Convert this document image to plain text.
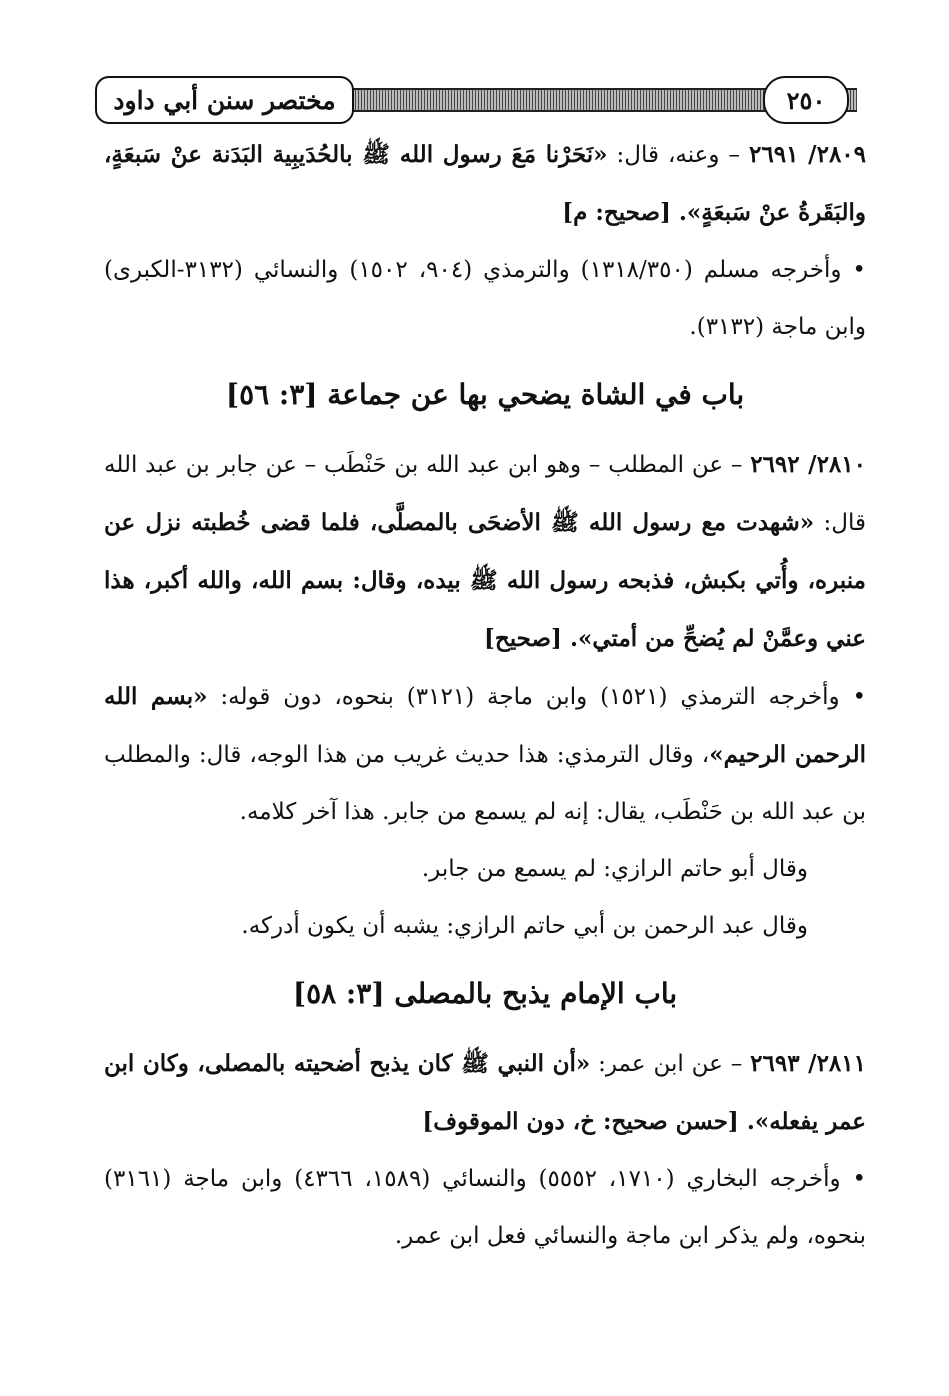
مختصر سنن أبي داود	٢٥٠

٢٨٠٩/ ٢٦٩١ – وعنه، قال: «نَحَرْنا مَعَ رسول الله ﷺ بالحُدَيبِية البَدَنة عنْ سَبعَةٍ، والبَقَرةُ عنْ سَبعَةٍ». [صحيح: م]

• وأخرجه مسلم (١٣١٨/٣٥٠) والترمذي (٩٠٤، ١٥٠٢) والنسائي (٣١٣٢-الكبرى) وابن ماجة (٣١٣٢).

باب في الشاة يضحي بها عن جماعة [٣: ٥٦]

٢٨١٠/ ٢٦٩٢ – عن المطلب – وهو ابن عبد الله بن حَنْطَب – عن جابر بن عبد الله قال: «شهدت مع رسول الله ﷺ الأضحَى بالمصلَّى، فلما قضى خُطبته نزل عن منبره، وأُتي بكبش، فذبحه رسول الله ﷺ بيده، وقال: بسم الله، والله أكبر، هذا عني وعمَّنْ لم يُضحِّ من أمتي». [صحيح]

• وأخرجه الترمذي (١٥٢١) وابن ماجة (٣١٢١) بنحوه، دون قوله: «بسم الله الرحمن الرحيم»، وقال الترمذي: هذا حديث غريب من هذا الوجه، قال: والمطلب بن عبد الله بن حَنْطَب، يقال: إنه لم يسمع من جابر. هذا آخر كلامه.

وقال أبو حاتم الرازي: لم يسمع من جابر.

وقال عبد الرحمن بن أبي حاتم الرازي: يشبه أن يكون أدركه.

باب الإمام يذبح بالمصلى [٣: ٥٨]

٢٨١١/ ٢٦٩٣ – عن ابن عمر: «أن النبي ﷺ كان يذبح أضحيته بالمصلى، وكان ابن عمر يفعله». [حسن صحيح: خ، دون الموقوف]

• وأخرجه البخاري (١٧١٠، ٥٥٥٢) والنسائي (١٥٨٩، ٤٣٦٦) وابن ماجة (٣١٦١) بنحوه، ولم يذكر ابن ماجة والنسائي فعل ابن عمر.
